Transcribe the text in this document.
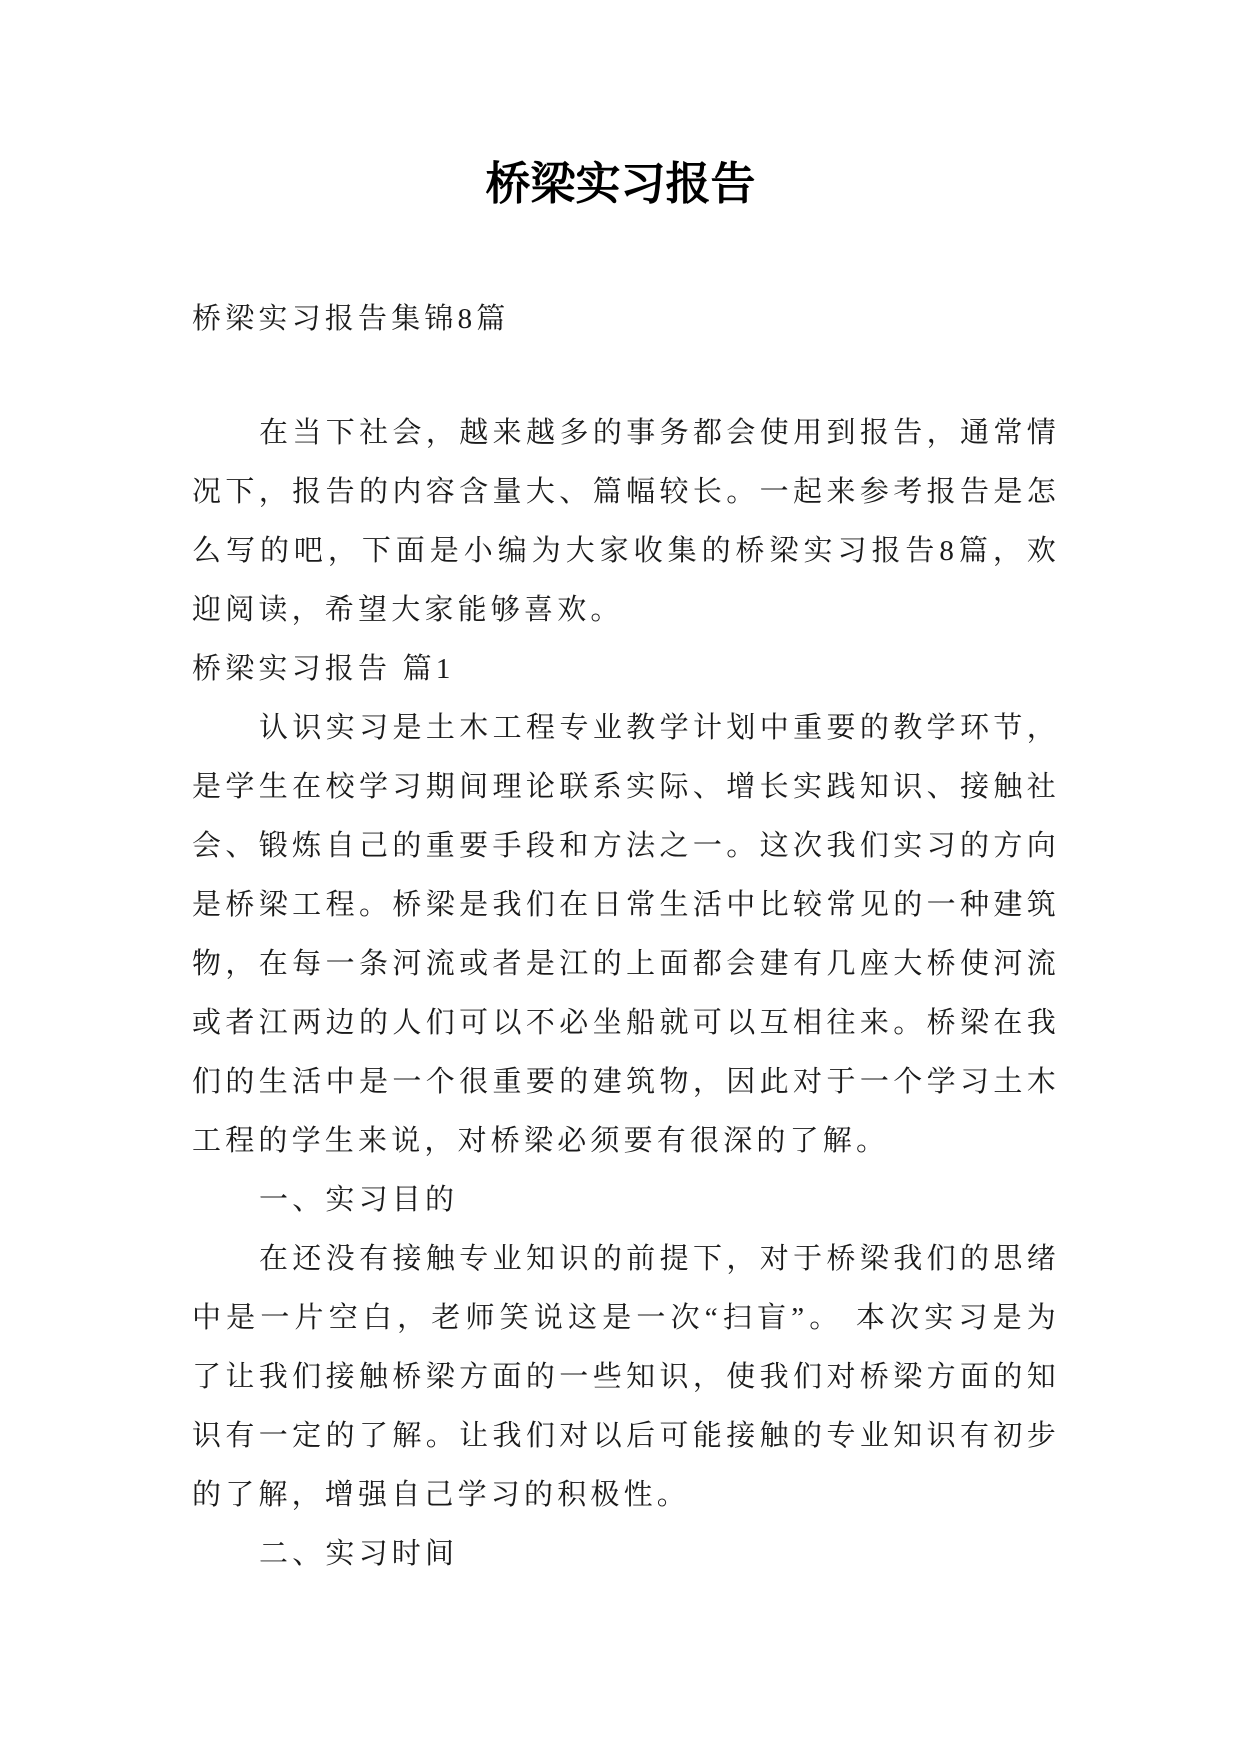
桥梁实习报告
桥梁实习报告集锦8篇
在当下社会，越来越多的事务都会使用到报告，通常情
况下，报告的内容含量大、篇幅较长。一起来参考报告是怎
么写的吧，下面是小编为大家收集的桥梁实习报告8篇，欢
迎阅读，希望大家能够喜欢。
桥梁实习报告 篇1
认识实习是土木工程专业教学计划中重要的教学环节，
是学生在校学习期间理论联系实际、增长实践知识、接触社
会、锻炼自己的重要手段和方法之一。这次我们实习的方向
是桥梁工程。桥梁是我们在日常生活中比较常见的一种建筑
物，在每一条河流或者是江的上面都会建有几座大桥使河流
或者江两边的人们可以不必坐船就可以互相往来。桥梁在我
们的生活中是一个很重要的建筑物，因此对于一个学习土木
工程的学生来说，对桥梁必须要有很深的了解。
一、实习目的
在还没有接触专业知识的前提下，对于桥梁我们的思绪
中是一片空白，老师笑说这是一次“扫盲”。 本次实习是为
了让我们接触桥梁方面的一些知识，使我们对桥梁方面的知
识有一定的了解。让我们对以后可能接触的专业知识有初步
的了解，增强自己学习的积极性。
二、实习时间
